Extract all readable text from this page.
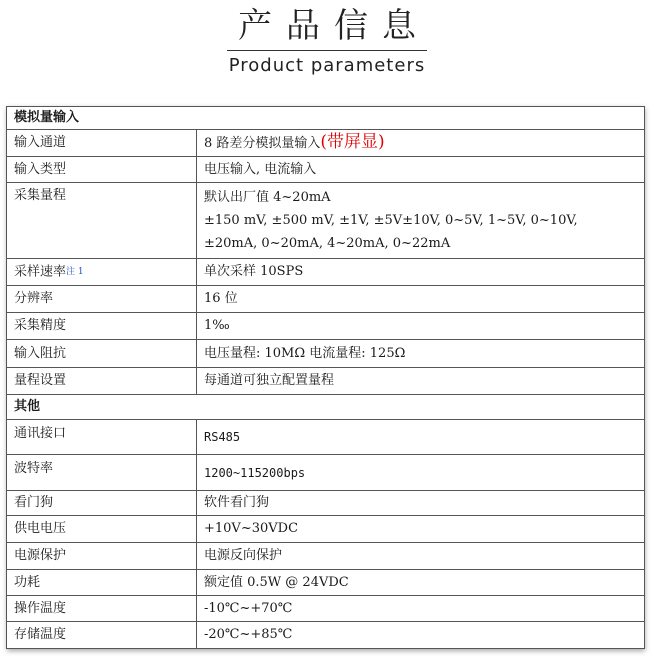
产品信息
Product parameters
模拟量输入	
输入通道	8 路差分模拟量输入(带屏显)
输入类型	电压输入, 电流输入
采集量程	默认出厂值 4~20mA
±150 mV, ±500 mV, ±1V, ±5V±10V, 0~5V, 1~5V, 0~10V,
±20mA, 0~20mA, 4~20mA, 0~22mA

采样速率注 1	单次采样 10SPS
分辨率	16 位
采集精度	1‰
输入阻抗	电压量程: 10MΩ 电流量程: 125Ω
量程设置	每通道可独立配置量程
其他	
通讯接口	RS485
波特率	1200~115200bps
看门狗	软件看门狗
供电电压	+10V~30VDC
电源保护	电源反向保护
功耗	额定值 0.5W @ 24VDC
操作温度	-10℃~+70℃
存储温度	-20℃~+85℃
